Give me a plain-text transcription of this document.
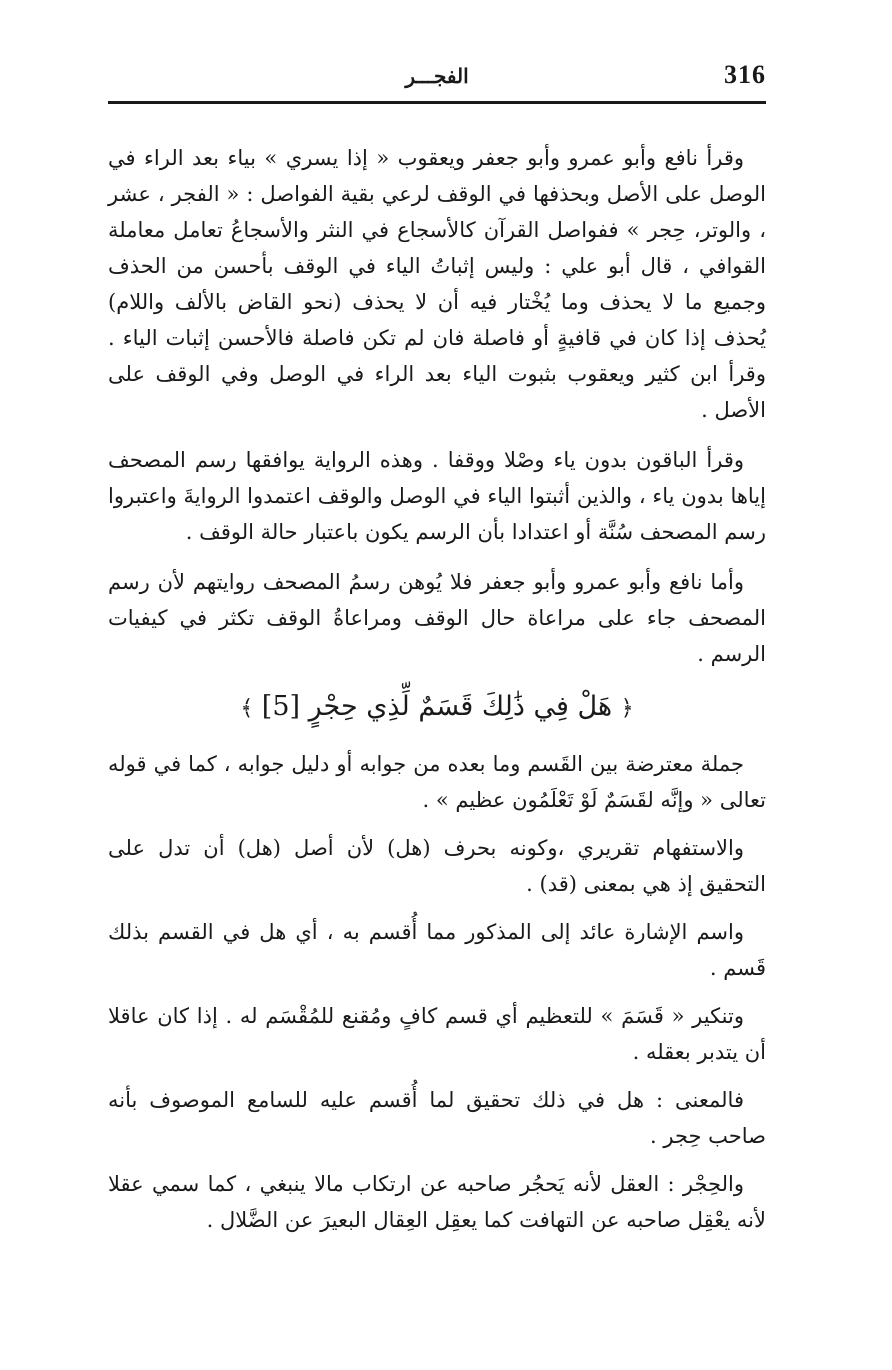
316
الفجـــر

وقرأ نافع وأبو عمرو وأبو جعفر ويعقوب « إذا يسري » بياء بعد الراء في الوصل على الأصل وبحذفها في الوقف لرعي بقية الفواصل : « الفجر ، عشر ، والوتر، حِجر » ففواصل القرآن كالأسجاع في النثر والأسجاعُ تعامل معاملة القوافي ، قال أبو علي : وليس إثباتُ الياء في الوقف بأحسن من الحذف وجميع ما لا يحذف وما يُخْتار فيه أن لا يحذف (نحو القاض بالألف واللام) يُحذف إذا كان في قافيةٍ أو فاصلة فان لم تكن فاصلة فالأحسن إثبات الياء . وقرأ ابن كثير ويعقوب بثبوت الياء بعد الراء في الوصل وفي الوقف على الأصل .

وقرأ الباقون بدون ياء وصْلا ووقفا . وهذه الرواية يوافقها رسم المصحف إياها بدون ياء ، والذين أثبتوا الياء في الوصل والوقف اعتمدوا الروايةَ واعتبروا رسم المصحف سُنَّة أو اعتدادا بأن الرسم يكون باعتبار حالة الوقف .

وأما نافع وأبو عمرو وأبو جعفر فلا يُوهن رسمُ المصحف روايتهم لأن رسم المصحف جاء على مراعاة حال الوقف ومراعاةُ الوقف تكثر في كيفيات الرسم .

﴿ هَلْ فِي ذَٰلِكَ قَسَمٌ لِّذِي حِجْرٍ [5] ﴾

جملة معترضة بين القَسم وما بعده من جوابه أو دليل جوابه ، كما في قوله تعالى « وإنَّه لقَسَمٌ لَوْ تَعْلَمُون عظيم » .

والاستفهام تقريري ،وكونه بحرف (هل) لأن أصل (هل) أن تدل على التحقيق إذ هي بمعنى (قد) .

واسم الإشارة عائد إلى المذكور مما أُقسم به ، أي هل في القسم بذلك قَسم .

وتنكير « قَسَمَ » للتعظيم أي قسم كافٍ ومُقنع للمُقْسَم له . إذا كان عاقلا أن يتدبر بعقله .

فالمعنى : هل في ذلك تحقيق لما أُقسم عليه للسامع الموصوف بأنه صاحب حِجر .

والحِجْر : العقل لأنه يَحجُر صاحبه عن ارتكاب مالا ينبغي ، كما سمي عقلا لأنه يعْقِل صاحبه عن التهافت كما يعقِل العِقال البعيرَ عن الضَّلال .
